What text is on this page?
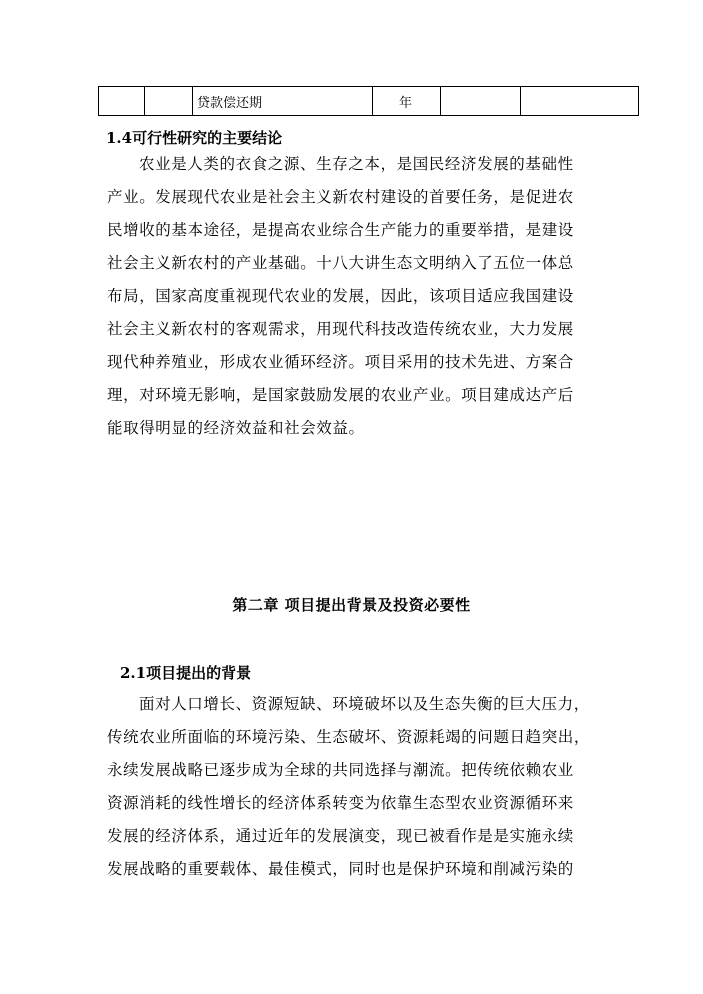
		贷款偿还期	年		
1.4可行性研究的主要结论
农业是人类的衣食之源、生存之本，是国民经济发展的基础性
产业。发展现代农业是社会主义新农村建设的首要任务，是促进农
民增收的基本途径，是提高农业综合生产能力的重要举措，是建设
社会主义新农村的产业基础。十八大讲生态文明纳入了五位一体总
布局，国家高度重视现代农业的发展，因此，该项目适应我国建设
社会主义新农村的客观需求，用现代科技改造传统农业，大力发展
现代种养殖业，形成农业循环经济。项目采用的技术先进、方案合
理，对环境无影响，是国家鼓励发展的农业产业。项目建成达产后
能取得明显的经济效益和社会效益。
第二章 项目提出背景及投资必要性
2.1项目提出的背景
面对人口增长、资源短缺、环境破坏以及生态失衡的巨大压力，
传统农业所面临的环境污染、生态破坏、资源耗竭的问题日趋突出，
永续发展战略已逐步成为全球的共同选择与潮流。把传统依赖农业
资源消耗的线性增长的经济体系转变为依靠生态型农业资源循环来
发展的经济体系，通过近年的发展演变，现已被看作是是实施永续
发展战略的重要载体、最佳模式，同时也是保护环境和削减污染的
